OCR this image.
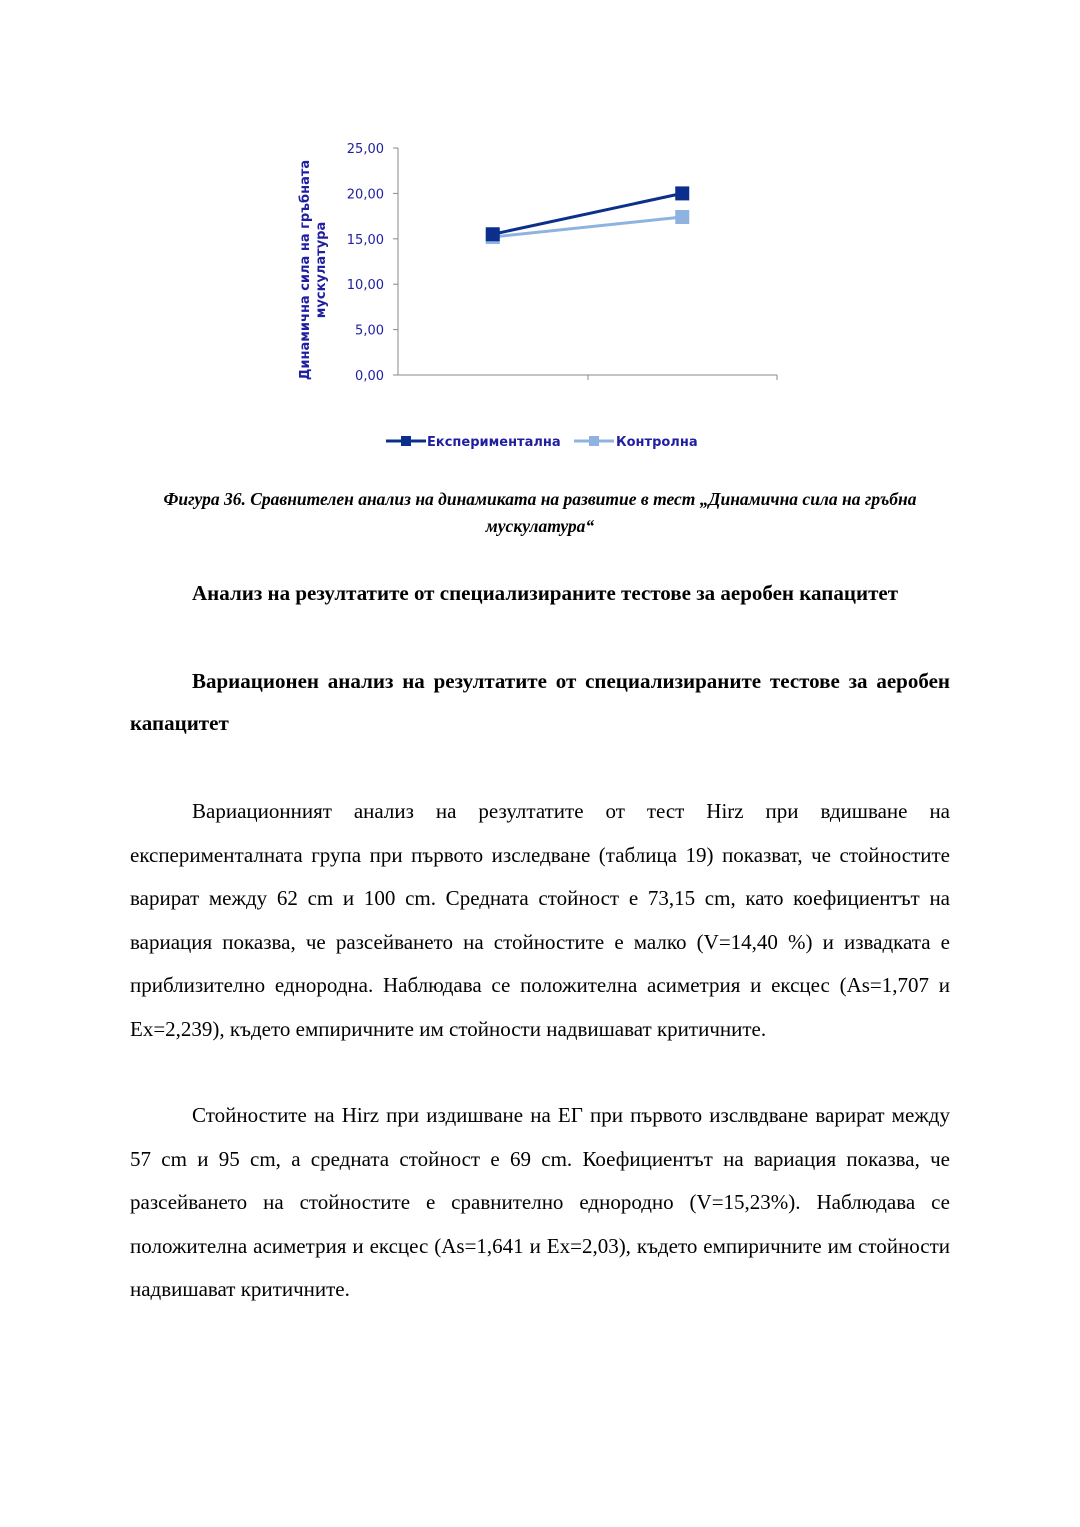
Динамична сила на гръбната мускулатура
0,00
5,00
10,00
15,00
20,00
25,00
Експериментална	Контролна
Фигура 36. Сравнителен анализ на динамиката на развитие в тест „Динамична сила на гръбна мускулатура“
Анализ на резултатите от специализираните тестове за аеробен капацитет
Вариационен анализ на резултатите от специализираните тестове за аеробен капацитет
Вариационният анализ на резултатите от тест Hirz при вдишване на експерименталната група при първото изследване (таблица 19) показват, че стойностите варират между 62 cm и 100 cm. Средната стойност е 73,15 cm, като коефициентът на вариация показва, че разсейването на стойностите е малко (V=14,40 %) и извадката е приблизително еднородна. Наблюдава се положителна асиметрия и ексцес (As=1,707 и Ex=2,239), където емпиричните им стойности надвишават критичните.
Стойностите на Hirz при издишване на ЕГ при първото изслвдване варират между 57 cm и 95 cm, а средната стойност е 69 cm. Коефициентът на вариация показва, че разсейването на стойностите е сравнително еднородно (V=15,23%). Наблюдава се положителна асиметрия и ексцес (As=1,641 и Ex=2,03), където емпиричните им стойности надвишават критичните.
